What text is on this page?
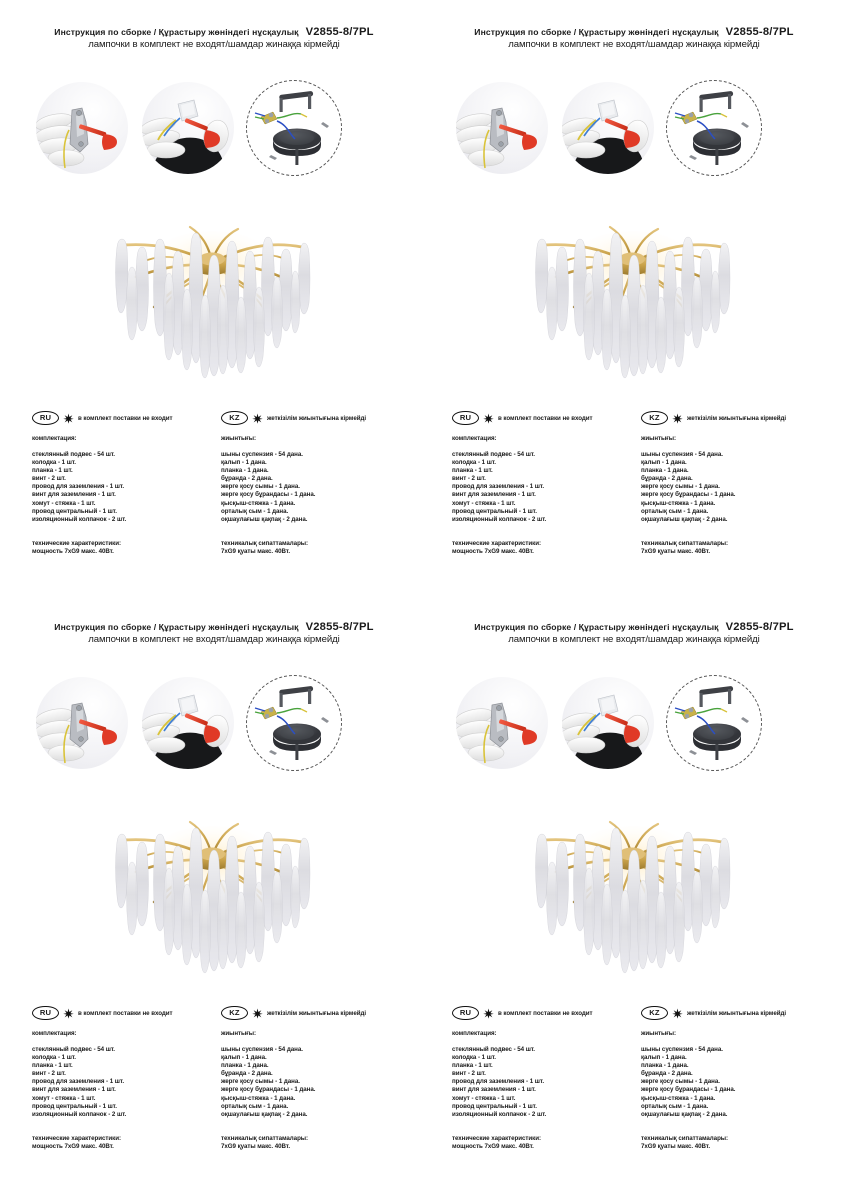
Инструкция по сборке / Құрастыру жөніндегі нұсқаулық V2855-8/7PL
лампочки в комплект не входят/шамдар жинаққа кірмейді
RU	в комплект поставки не входит
комплектация:
стеклянный подвес - 54 шт.
колодка - 1 шт.
планка - 1 шт.
винт - 2 шт.
провод для заземления - 1 шт.
винт для заземления - 1 шт.
хомут - стяжка - 1 шт.
провод центральный - 1 шт.
изоляционный колпачок - 2 шт.
технические характеристики:
мощность 7xG9 макс. 40Вт.
KZ	жеткізілім жиынтығына кірмейді
жиынтығы:
шыны суспензия - 54 дана.
қалып - 1 дана.
планка - 1 дана.
бұранда - 2 дана.
жерге қосу сымы - 1 дана.
жерге қосу бұрандасы - 1 дана.
қысқыш-стяжка - 1 дана.
орталық сым - 1 дана.
оқшаулағыш қақпақ - 2 дана.
техникалық сипаттамалары:
7xG9 қуаты макс. 40Вт.
Инструкция по сборке / Құрастыру жөніндегі нұсқаулық V2855-8/7PL
лампочки в комплект не входят/шамдар жинаққа кірмейді
RU	в комплект поставки не входит
комплектация:
стеклянный подвес - 54 шт.
колодка - 1 шт.
планка - 1 шт.
винт - 2 шт.
провод для заземления - 1 шт.
винт для заземления - 1 шт.
хомут - стяжка - 1 шт.
провод центральный - 1 шт.
изоляционный колпачок - 2 шт.
технические характеристики:
мощность 7xG9 макс. 40Вт.
KZ	жеткізілім жиынтығына кірмейді
жиынтығы:
шыны суспензия - 54 дана.
қалып - 1 дана.
планка - 1 дана.
бұранда - 2 дана.
жерге қосу сымы - 1 дана.
жерге қосу бұрандасы - 1 дана.
қысқыш-стяжка - 1 дана.
орталық сым - 1 дана.
оқшаулағыш қақпақ - 2 дана.
техникалық сипаттамалары:
7xG9 қуаты макс. 40Вт.
Инструкция по сборке / Құрастыру жөніндегі нұсқаулық V2855-8/7PL
лампочки в комплект не входят/шамдар жинаққа кірмейді
RU	в комплект поставки не входит
комплектация:
стеклянный подвес - 54 шт.
колодка - 1 шт.
планка - 1 шт.
винт - 2 шт.
провод для заземления - 1 шт.
винт для заземления - 1 шт.
хомут - стяжка - 1 шт.
провод центральный - 1 шт.
изоляционный колпачок - 2 шт.
технические характеристики:
мощность 7xG9 макс. 40Вт.
KZ	жеткізілім жиынтығына кірмейді
жиынтығы:
шыны суспензия - 54 дана.
қалып - 1 дана.
планка - 1 дана.
бұранда - 2 дана.
жерге қосу сымы - 1 дана.
жерге қосу бұрандасы - 1 дана.
қысқыш-стяжка - 1 дана.
орталық сым - 1 дана.
оқшаулағыш қақпақ - 2 дана.
техникалық сипаттамалары:
7xG9 қуаты макс. 40Вт.
Инструкция по сборке / Құрастыру жөніндегі нұсқаулық V2855-8/7PL
лампочки в комплект не входят/шамдар жинаққа кірмейді
RU	в комплект поставки не входит
комплектация:
стеклянный подвес - 54 шт.
колодка - 1 шт.
планка - 1 шт.
винт - 2 шт.
провод для заземления - 1 шт.
винт для заземления - 1 шт.
хомут - стяжка - 1 шт.
провод центральный - 1 шт.
изоляционный колпачок - 2 шт.
технические характеристики:
мощность 7xG9 макс. 40Вт.
KZ	жеткізілім жиынтығына кірмейді
жиынтығы:
шыны суспензия - 54 дана.
қалып - 1 дана.
планка - 1 дана.
бұранда - 2 дана.
жерге қосу сымы - 1 дана.
жерге қосу бұрандасы - 1 дана.
қысқыш-стяжка - 1 дана.
орталық сым - 1 дана.
оқшаулағыш қақпақ - 2 дана.
техникалық сипаттамалары:
7xG9 қуаты макс. 40Вт.
